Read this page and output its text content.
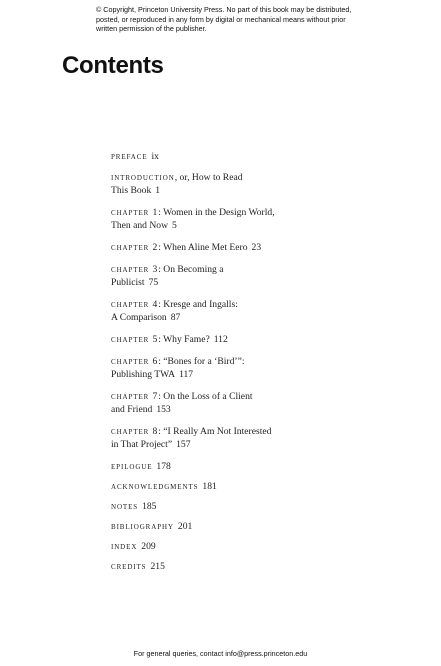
© Copyright, Princeton University Press. No part of this book may be distributed, posted, or reproduced in any form by digital or mechanical means without prior written permission of the publisher.
Contents
preface ix
introduction, or, How to Read
This Book 1
chapter 1: Women in the Design World,
Then and Now 5
chapter 2: When Aline Met Eero 23
chapter 3: On Becoming a
Publicist 75
chapter 4: Kresge and Ingalls:
A Comparison 87
chapter 5: Why Fame? 112
chapter 6: “Bones for a ‘Bird’”:
Publishing TWA 117
chapter 7: On the Loss of a Client
and Friend 153
chapter 8: “I Really Am Not Interested
in That Project” 157
epilogue 178
acknowledgments 181
notes 185
bibliography 201
index 209
credits 215
For general queries, contact info@press.princeton.edu
